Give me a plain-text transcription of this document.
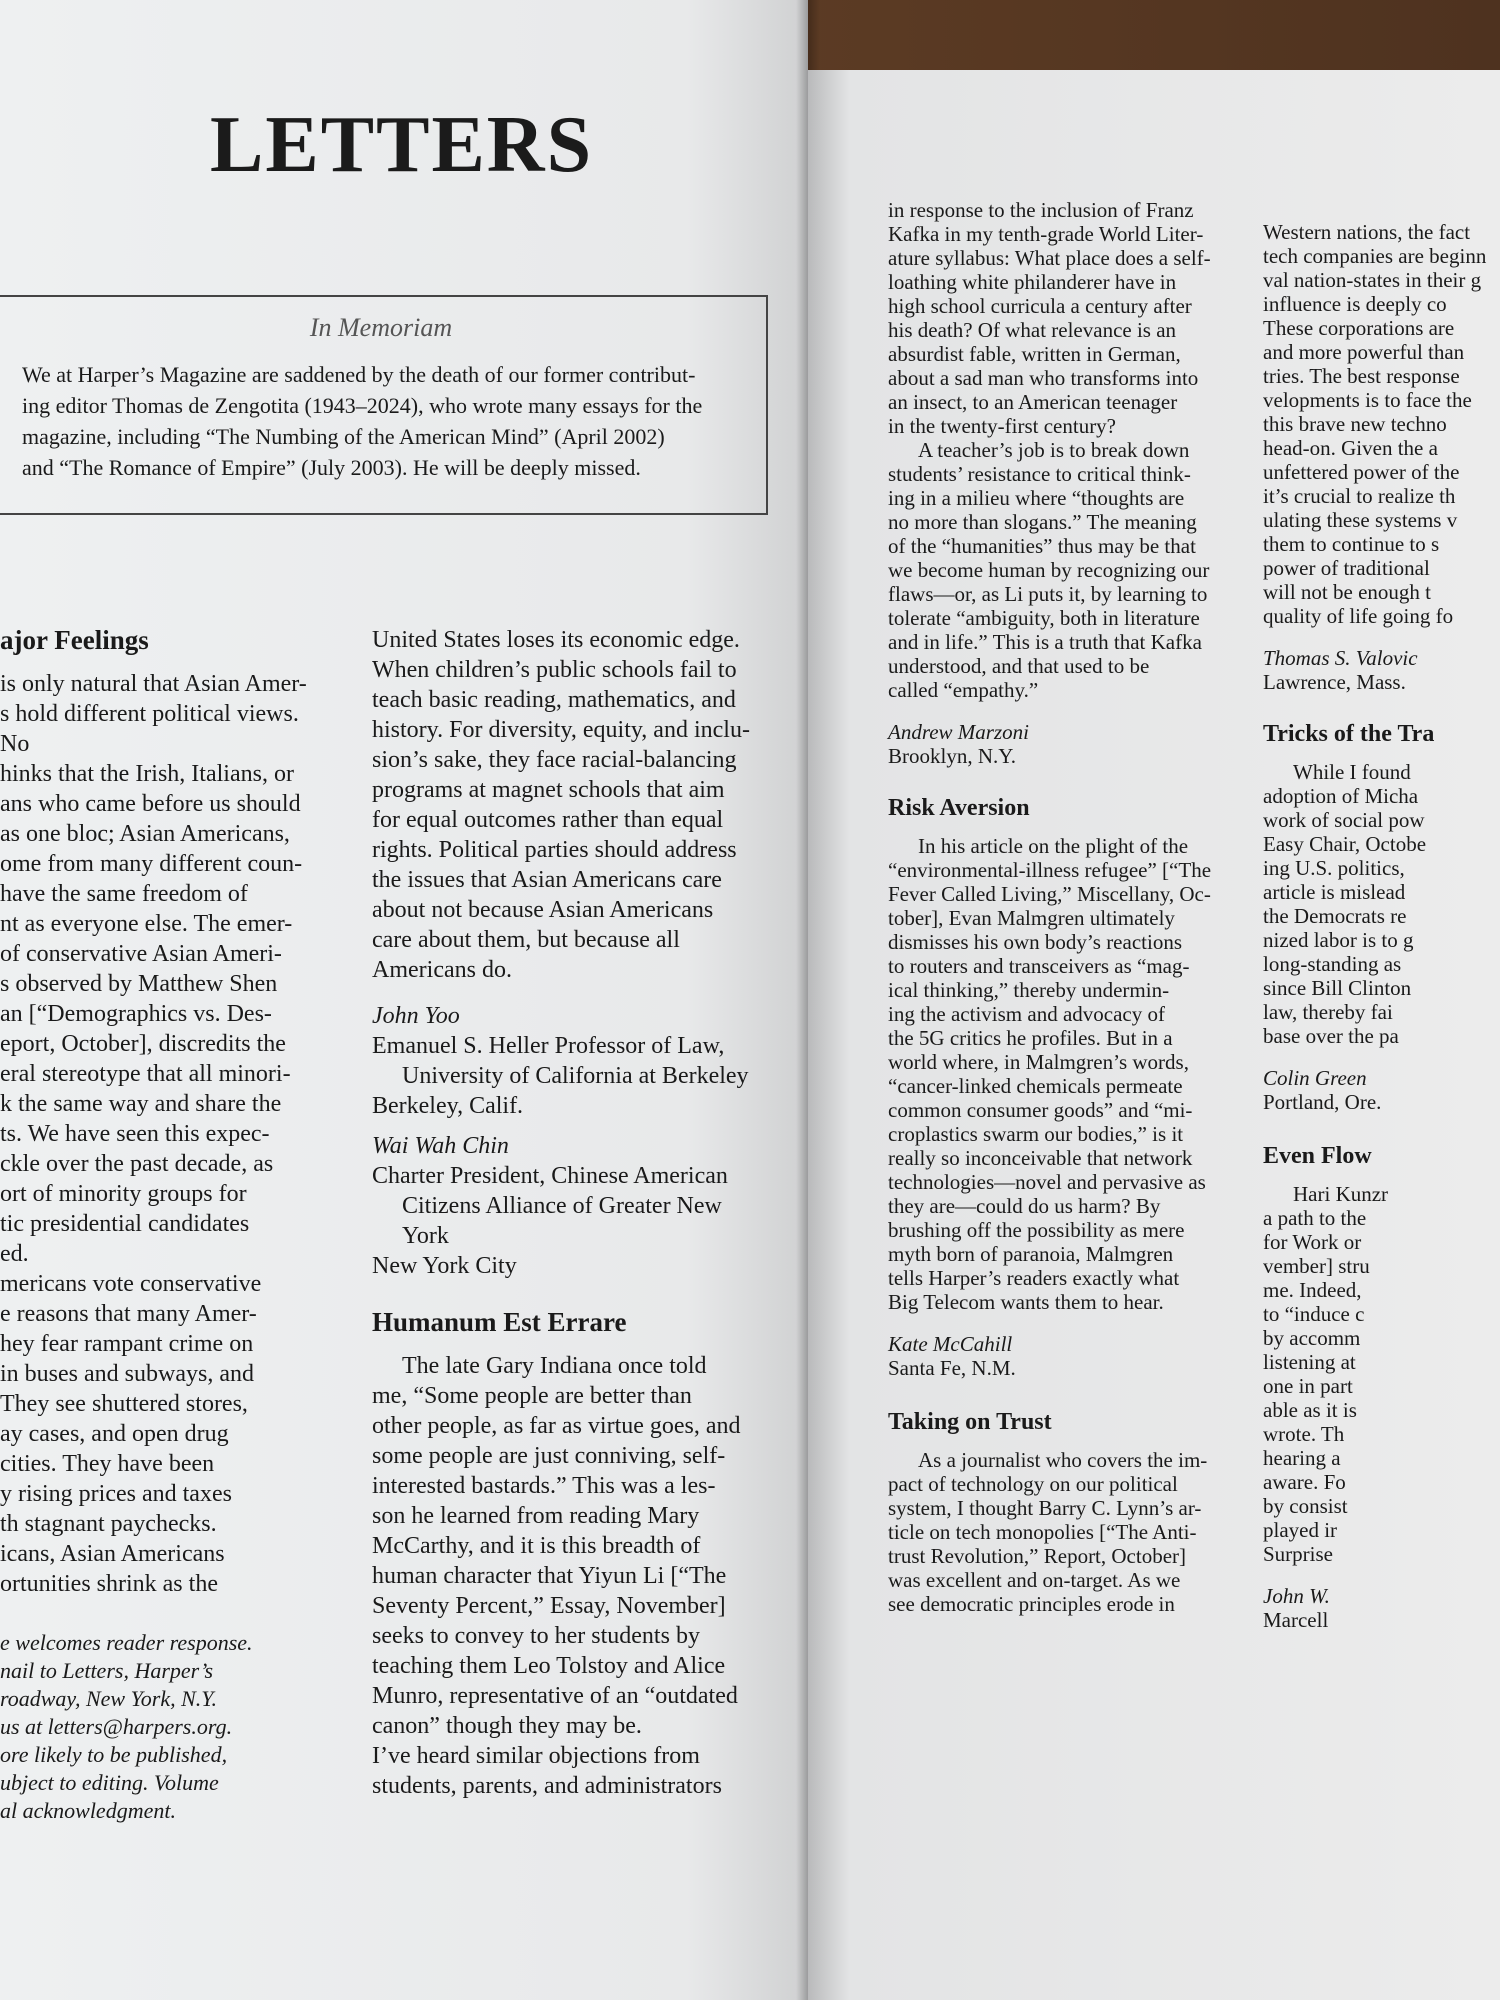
LETTERS
In Memoriam
We at Harper’s Magazine are saddened by the death of our former contribut-
ing editor Thomas de Zengotita (1943–2024), who wrote many essays for the
magazine, including “The Numbing of the American Mind” (April 2002)
and “The Romance of Empire” (July 2003). He will be deeply missed.
ajor Feelings
is only natural that Asian Amer-
s hold different political views. No
hinks that the Irish, Italians, or
ans who came before us should
as one bloc; Asian Americans,
ome from many different coun-
have the same freedom of
nt as everyone else. The emer-
of conservative Asian Ameri-
s observed by Matthew Shen
an [“Demographics vs. Des-
eport, October], discredits the
eral stereotype that all minori-
k the same way and share the
ts. We have seen this expec-
ckle over the past decade, as
ort of minority groups for
tic presidential candidates
ed.
mericans vote conservative
e reasons that many Amer-
hey fear rampant crime on
in buses and subways, and
They see shuttered stores,
ay cases, and open drug
cities. They have been
y rising prices and taxes
th stagnant paychecks.
icans, Asian Americans
ortunities shrink as the
e welcomes reader response.
nail to Letters, Harper’s
roadway, New York, N.Y.
us at letters@harpers.org.
ore likely to be published,
ubject to editing. Volume
al acknowledgment.
United States loses its economic edge.
When children’s public schools fail to
teach basic reading, mathematics, and
history. For diversity, equity, and inclu-
sion’s sake, they face racial-balancing
programs at magnet schools that aim
for equal outcomes rather than equal
rights. Political parties should address
the issues that Asian Americans care
about not because Asian Americans
care about them, but because all
Americans do.
John Yoo
Emanuel S. Heller Professor of Law,
University of California at Berkeley
Berkeley, Calif.
Wai Wah Chin
Charter President, Chinese American
Citizens Alliance of Greater New York
New York City
Humanum Est Errare
The late Gary Indiana once told
me, “Some people are better than
other people, as far as virtue goes, and
some people are just conniving, self-
interested bastards.” This was a les-
son he learned from reading Mary
McCarthy, and it is this breadth of
human character that Yiyun Li [“The
Seventy Percent,” Essay, November]
seeks to convey to her students by
teaching them Leo Tolstoy and Alice
Munro, representative of an “outdated
canon” though they may be.
I’ve heard similar objections from
students, parents, and administrators
in response to the inclusion of Franz
Kafka in my tenth-grade World Liter-
ature syllabus: What place does a self-
loathing white philanderer have in
high school curricula a century after
his death? Of what relevance is an
absurdist fable, written in German,
about a sad man who transforms into
an insect, to an American teenager
in the twenty-first century?
A teacher’s job is to break down
students’ resistance to critical think-
ing in a milieu where “thoughts are
no more than slogans.” The meaning
of the “humanities” thus may be that
we become human by recognizing our
flaws—or, as Li puts it, by learning to
tolerate “ambiguity, both in literature
and in life.” This is a truth that Kafka
understood, and that used to be
called “empathy.”
Andrew Marzoni
Brooklyn, N.Y.
Risk Aversion
In his article on the plight of the
“environmental-illness refugee” [“The
Fever Called Living,” Miscellany, Oc-
tober], Evan Malmgren ultimately
dismisses his own body’s reactions
to routers and transceivers as “mag-
ical thinking,” thereby undermin-
ing the activism and advocacy of
the 5G critics he profiles. But in a
world where, in Malmgren’s words,
“cancer-linked chemicals permeate
common consumer goods” and “mi-
croplastics swarm our bodies,” is it
really so inconceivable that network
technologies—novel and pervasive as
they are—could do us harm? By
brushing off the possibility as mere
myth born of paranoia, Malmgren
tells Harper’s readers exactly what
Big Telecom wants them to hear.
Kate McCahill
Santa Fe, N.M.
Taking on Trust
As a journalist who covers the im-
pact of technology on our political
system, I thought Barry C. Lynn’s ar-
ticle on tech monopolies [“The Anti-
trust Revolution,” Report, October]
was excellent and on-target. As we
see democratic principles erode in
Western nations, the fact
tech companies are beginn
val nation-states in their g
influence is deeply co
These corporations are
and more powerful than
tries. The best response
velopments is to face the
this brave new techno
head-on. Given the a
unfettered power of the
it’s crucial to realize th
ulating these systems v
them to continue to s
power of traditional
will not be enough t
quality of life going fo
Thomas S. Valovic
Lawrence, Mass.
Tricks of the Tra
While I found
adoption of Micha
work of social pow
Easy Chair, Octobe
ing U.S. politics,
article is mislead
the Democrats re
nized labor is to g
long-standing as
since Bill Clinton
law, thereby fai
base over the pa
Colin Green
Portland, Ore.
Even Flow
Hari Kunzr
a path to the
for Work or
vember] stru
me. Indeed,
to “induce c
by accomm
listening at
one in part
able as it is
wrote. Th
hearing a
aware. Fo
by consist
played ir
Surprise
John W.
Marcell
